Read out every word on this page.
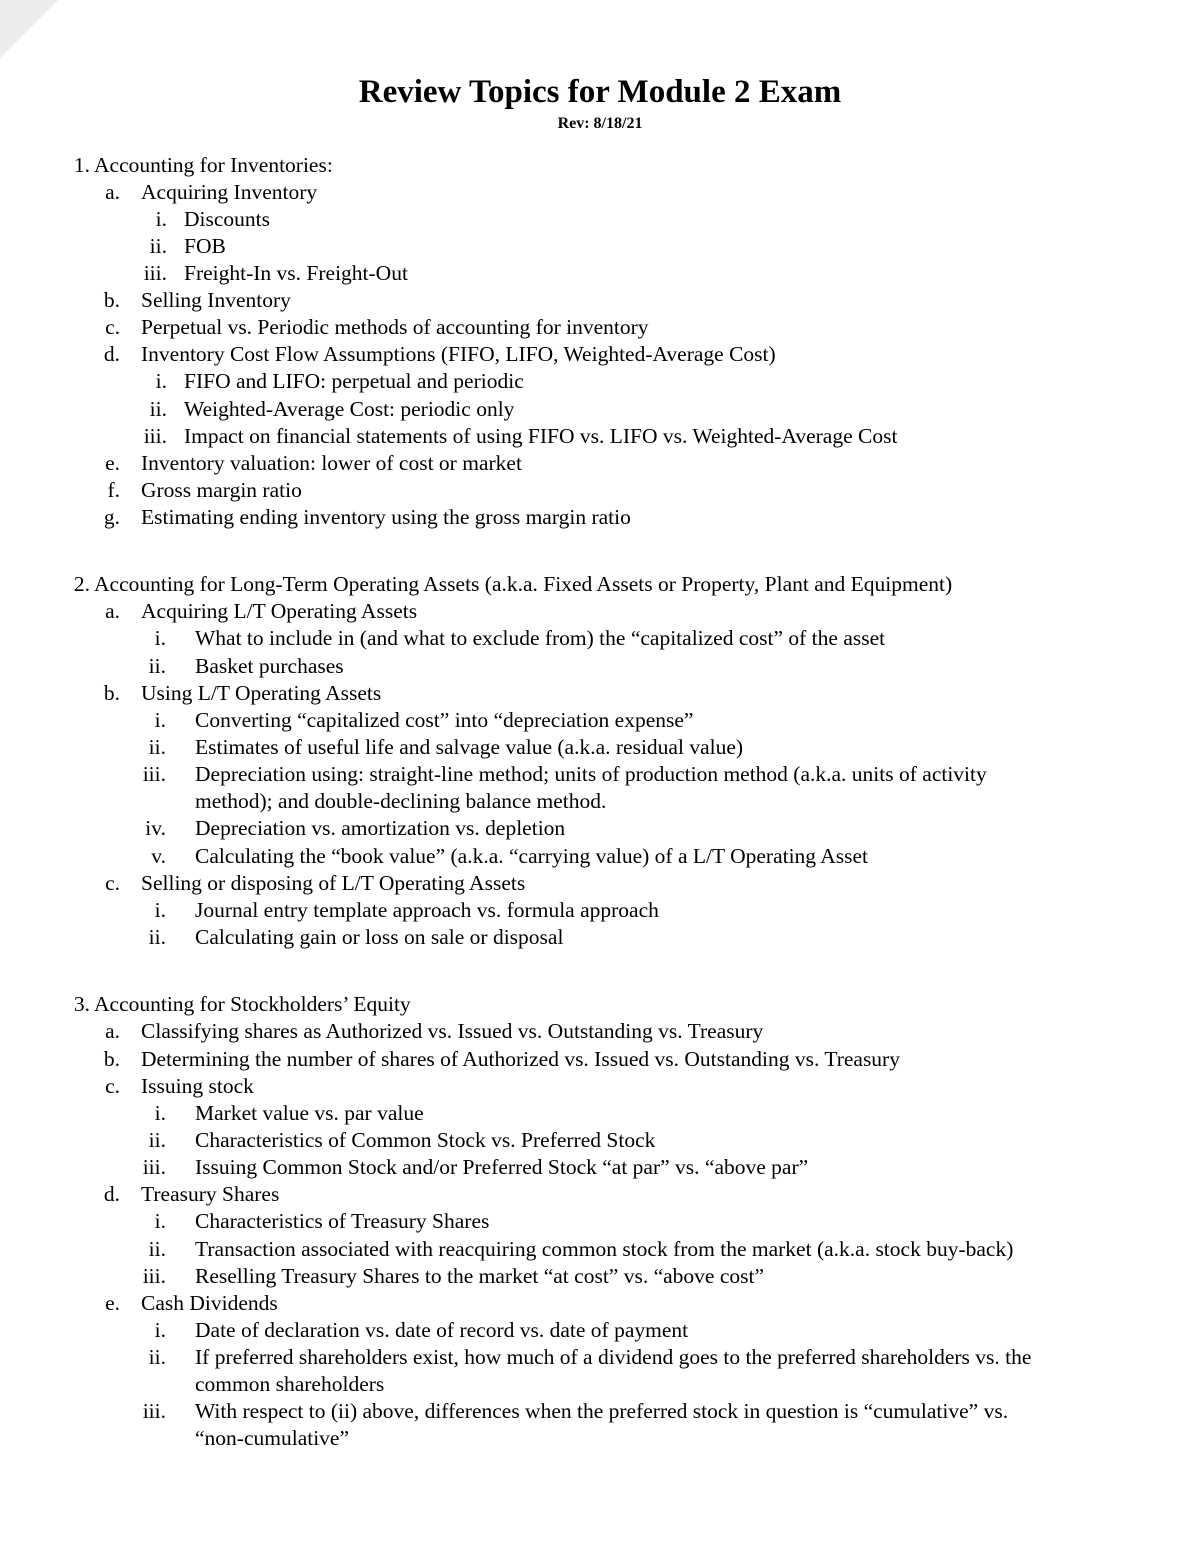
Review Topics for Module 2 Exam
Rev: 8/18/21
1. Accounting for Inventories:
a. Acquiring Inventory
i. Discounts
ii. FOB
iii. Freight-In vs. Freight-Out
b. Selling Inventory
c. Perpetual vs. Periodic methods of accounting for inventory
d. Inventory Cost Flow Assumptions (FIFO, LIFO, Weighted-Average Cost)
i. FIFO and LIFO: perpetual and periodic
ii. Weighted-Average Cost: periodic only
iii. Impact on financial statements of using FIFO vs. LIFO vs. Weighted-Average Cost
e. Inventory valuation: lower of cost or market
f. Gross margin ratio
g. Estimating ending inventory using the gross margin ratio
2. Accounting for Long-Term Operating Assets (a.k.a. Fixed Assets or Property, Plant and Equipment)
a. Acquiring L/T Operating Assets
i. What to include in (and what to exclude from) the “capitalized cost” of the asset
ii. Basket purchases
b. Using L/T Operating Assets
i. Converting “capitalized cost” into “depreciation expense”
ii. Estimates of useful life and salvage value (a.k.a. residual value)
iii. Depreciation using: straight-line method; units of production method (a.k.a. units of activity
method); and double-declining balance method.
iv. Depreciation vs. amortization vs. depletion
v. Calculating the “book value” (a.k.a. “carrying value) of a L/T Operating Asset
c. Selling or disposing of L/T Operating Assets
i. Journal entry template approach vs. formula approach
ii. Calculating gain or loss on sale or disposal
3. Accounting for Stockholders’ Equity
a. Classifying shares as Authorized vs. Issued vs. Outstanding vs. Treasury
b. Determining the number of shares of Authorized vs. Issued vs. Outstanding vs. Treasury
c. Issuing stock
i. Market value vs. par value
ii. Characteristics of Common Stock vs. Preferred Stock
iii. Issuing Common Stock and/or Preferred Stock “at par” vs. “above par”
d. Treasury Shares
i. Characteristics of Treasury Shares
ii. Transaction associated with reacquiring common stock from the market (a.k.a. stock buy-back)
iii. Reselling Treasury Shares to the market “at cost” vs. “above cost”
e. Cash Dividends
i. Date of declaration vs. date of record vs. date of payment
ii. If preferred shareholders exist, how much of a dividend goes to the preferred shareholders vs. the
common shareholders
iii. With respect to (ii) above, differences when the preferred stock in question is “cumulative” vs.
“non-cumulative”
